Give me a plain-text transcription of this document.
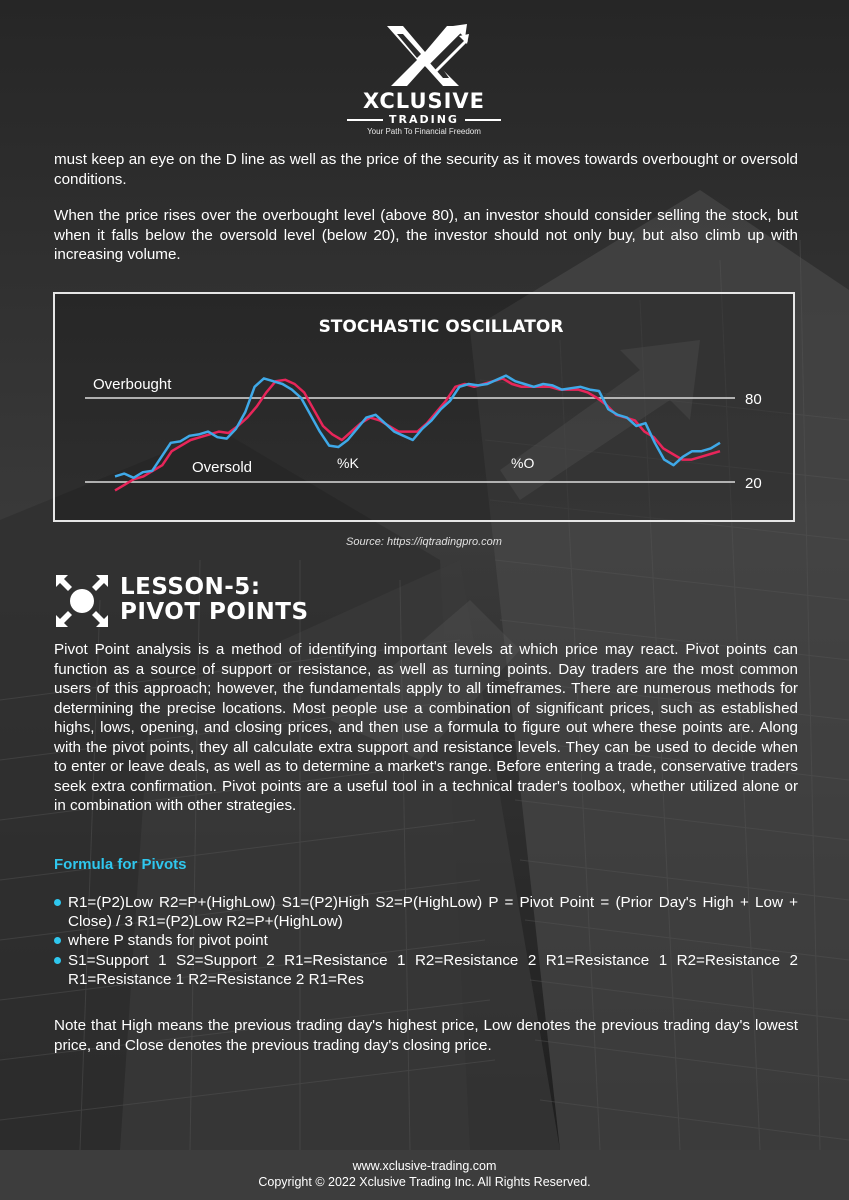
XCLUSIVE
TRADING
Your Path To Financial Freedom
must keep an eye on the D line as well as the price of the security as it moves towards overbought or oversold conditions.
When the price rises over the overbought level (above 80), an investor should consider selling the stock, but when it falls below the oversold level (below 20), the investor should not only buy, but also climb up with increasing volume.
STOCHASTIC OSCILLATOR
Overbought
Oversold
80
20
%K	%O
Source: https://iqtradingpro.com
LESSON-5:
PIVOT POINTS
Pivot Point analysis is a method of identifying important levels at which price may react. Pivot points can function as a source of support or resistance, as well as turning points. Day traders are the most common users of this approach; however, the fundamentals apply to all timeframes. There are numerous methods for determining the precise locations. Most people use a combination of significant prices, such as established highs, lows, opening, and closing prices, and then use a formula to figure out where these points are. Along with the pivot points, they all calculate extra support and resistance levels. They can be used to decide when to enter or leave deals, as well as to determine a market's range. Before entering a trade, conservative traders seek extra confirmation. Pivot points are a useful tool in a technical trader's toolbox, whether utilized alone or in combination with other strategies.
Formula for Pivots
R1=(P2)Low R2=P+(HighLow) S1=(P2)High S2=P(HighLow) P = Pivot Point = (Prior Day's High + Low + Close) / 3 R1=(P2)Low R2=P+(HighLow)
where P stands for pivot point
S1=Support 1 S2=Support 2 R1=Resistance 1 R2=Resistance 2 R1=Resistance 1 R2=Resistance 2 R1=Resistance 1 R2=Resistance 2 R1=Res
Note that High means the previous trading day's highest price, Low denotes the previous trading day's lowest price, and Close denotes the previous trading day's closing price.
www.xclusive-trading.com
Copyright © 2022 Xclusive Trading Inc. All Rights Reserved.
